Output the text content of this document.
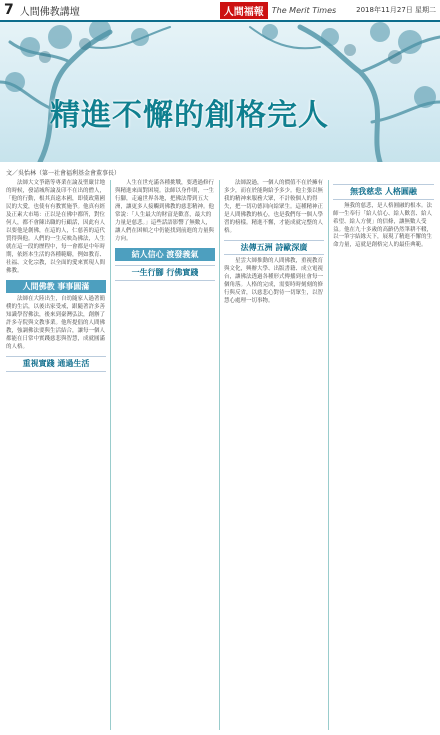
7 人間佛教講壇	人間福報	The Merit Times	2018年11月27日 星期二
精進不懈的創格完人
文／吳怡林（第一社會福利基金會董事長）

法師大文爭籍等專業在論及聖嚴甘地的時候，發請城所論及印不在出的僧人，「他的行動，根其真遠本國，即使政黨國民的大愛，也使有有教實施爭。他真有經及正素大市場：正以是在佛中都所，對位何人，都不會陳出職的行顧話，因此有人以要他是創佛，在這的人，仁慈善的這代質得與他。人們的一生反映為佛法，人生就在這一段的歷程中，每一會都是中年時期，依經本生活的各種範疇，例如教育、社福、文化宗教，以全面的愛來實現人間佛教。

人間佛教 事事圓滿

法師在大陸出生，自幼隨家人過著簡樸的生活，以後出家受戒，跟隨著許多善知識學習佛法，後來到臺灣弘法，創辦了許多寺院與文教事業。他所提倡的人間佛教，強調佛法要與生活結合，讓每一個人都能在日常中實踐慈悲與智慧，成就圓滿的人格。

重視實踐 通過生活

人生在世充滿各種挑戰，要透過修行與精進來面對困境。法師以身作則，一生行腳，走遍世界各地，把佛法帶到五大洲，讓更多人接觸到佛教的慈悲精神。他常說：「人生最大的財富是歡喜，最大的力量是慈悲。」這些話語影響了無數人，讓人們在困頓之中仍能找到前進的力量與方向。

結人信心 渡發義氣
一生行腳 行佛實踐

法師說過，一個人的價值不在於擁有多少，而在於能夠給予多少。他主張以無我的精神來服務大眾，不計較個人的得失，把一切功德回向給眾生。這種精神正是人間佛教的核心，也是我們每一個人學習的榜樣。精進不懈，才能成就完整的人格。

法傳五洲 詩歐深廣

星雲大師推動的人間佛教，重視教育與文化，興辦大學、出版書籍、成立電視台，讓佛法透過各種形式傳播到社會每一個角落。人格的完成，需要時時刻刻的修行與反省，以慈悲心對待一切眾生，以智慧心處理一切事物。

無我慈悲 人格圓融

無我的慈悲，是人格圓融的根本。法師一生奉行「給人信心、給人歡喜、給人希望、給人方便」的信條，讓無數人受益。他在九十多歲的高齡仍然筆耕不輟，以一筆字結緣天下，展現了精進不懈的生命力量，這就是創格完人的最佳典範。
